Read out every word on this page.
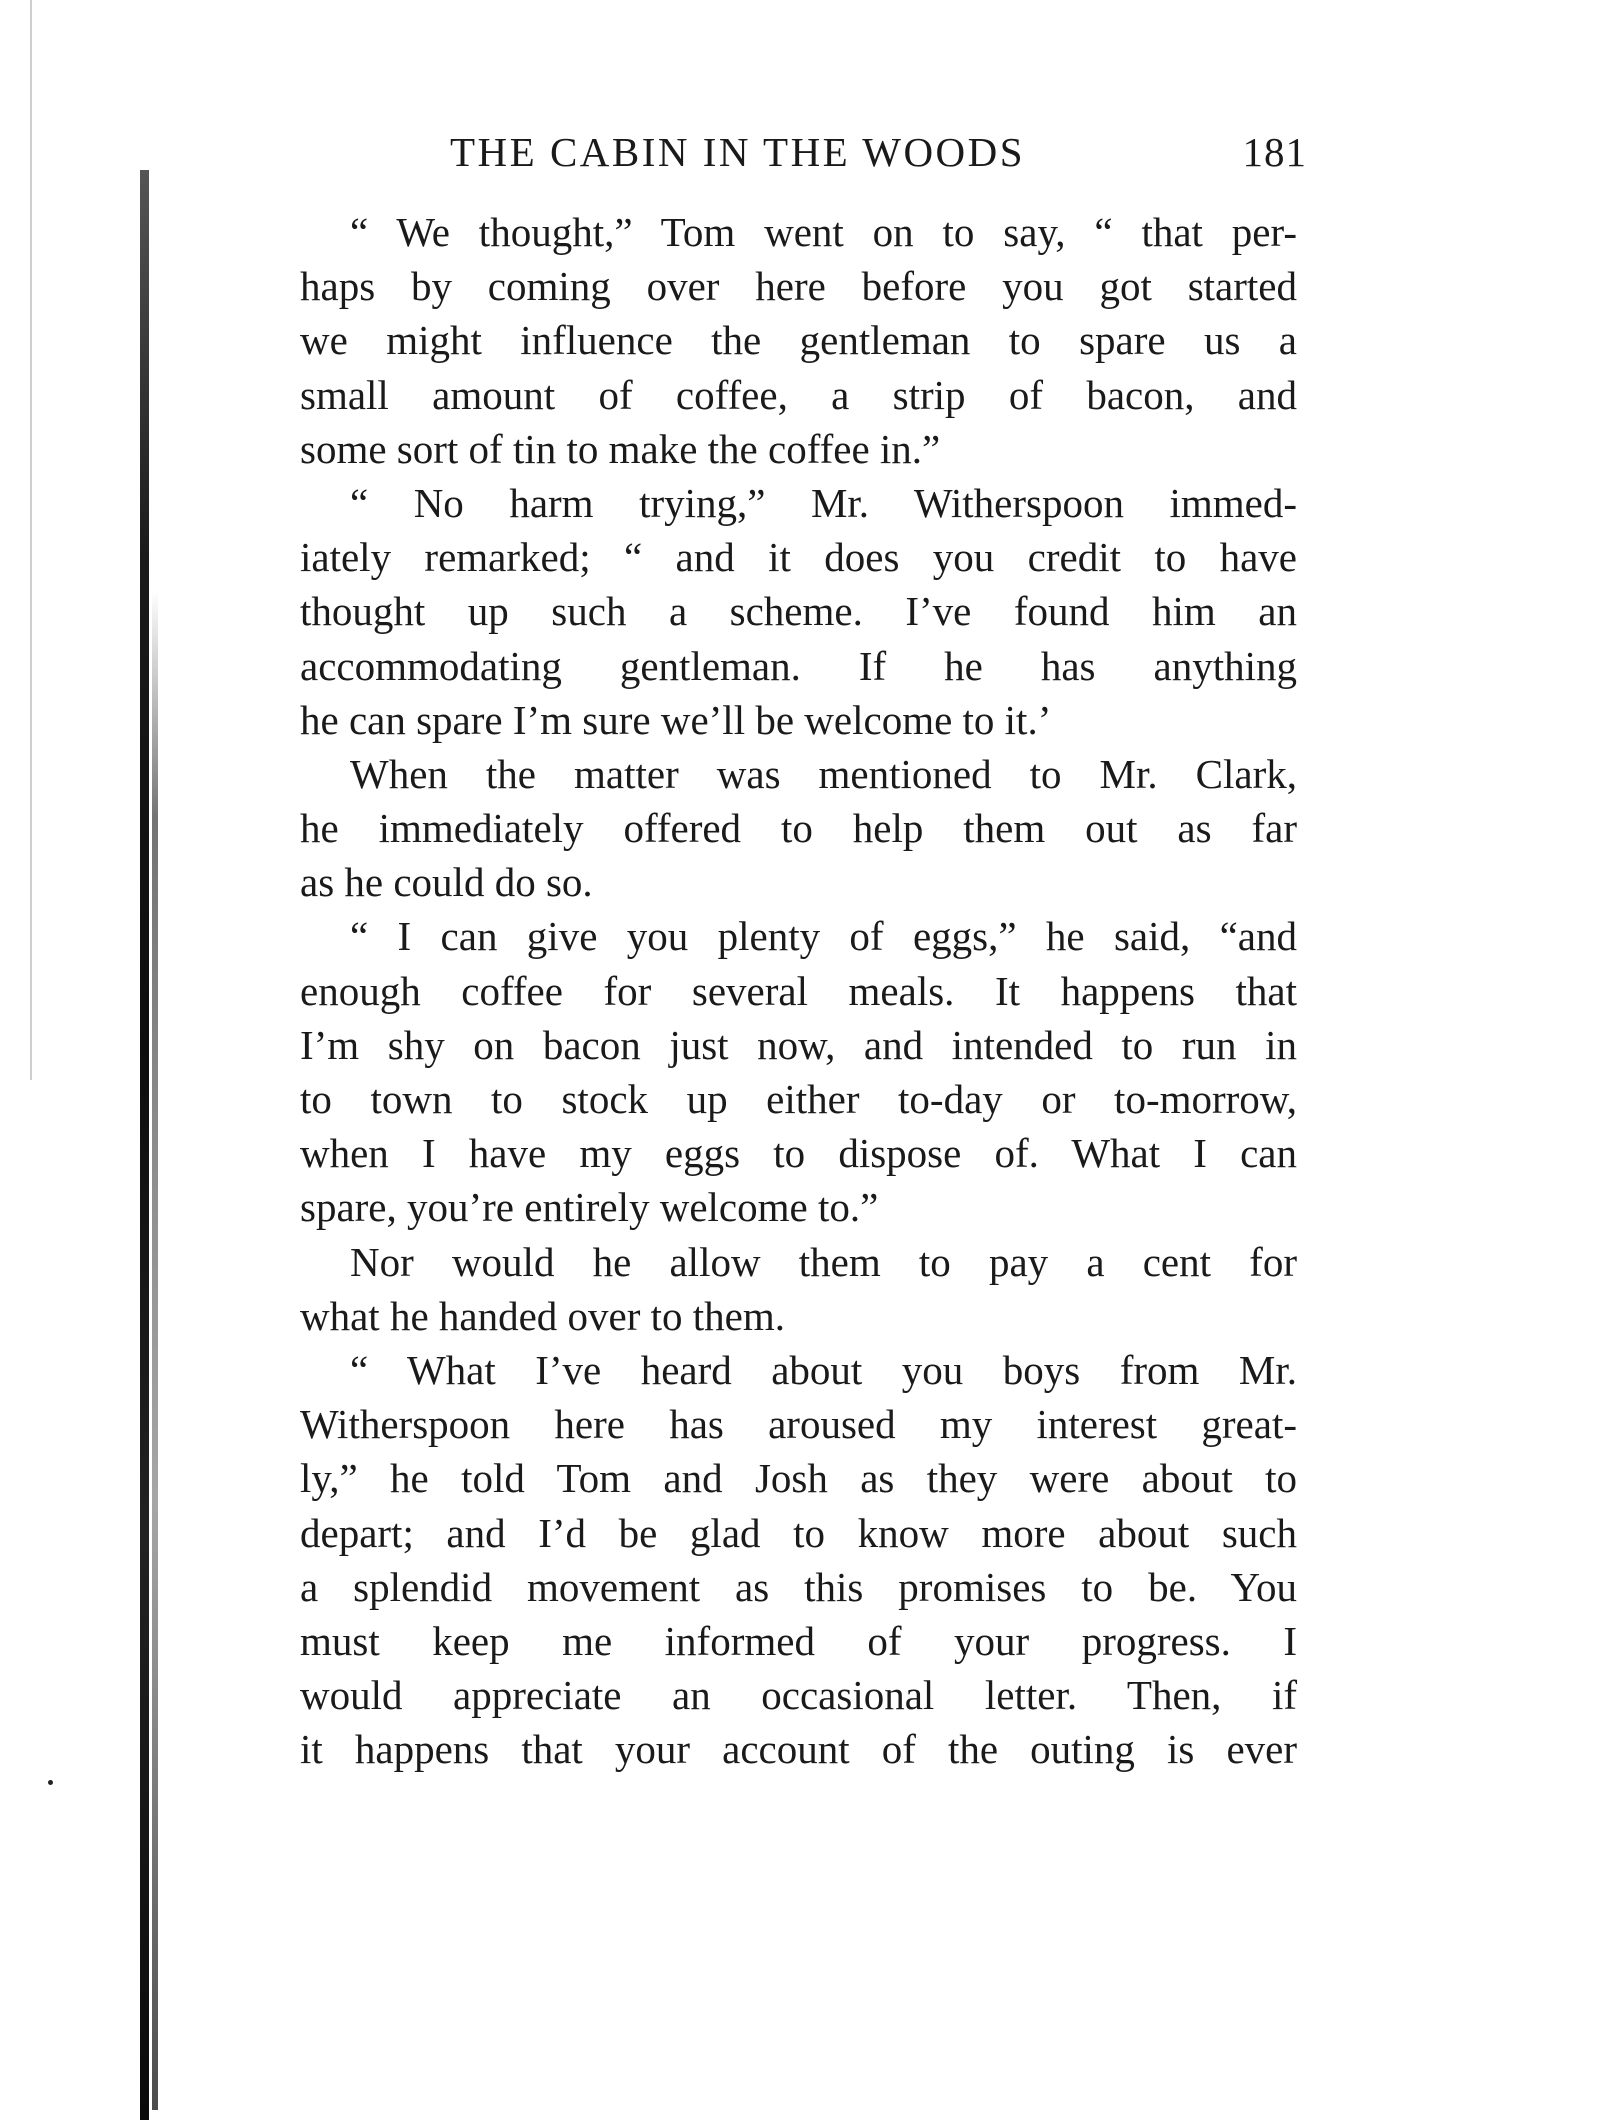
THE CABIN IN THE WOODS	181
“ We thought,” Tom went on to say, “ that per-
haps by coming over here before you got started
we might influence the gentleman to spare us a
small amount of coffee, a strip of bacon, and
some sort of tin to make the coffee in.”
“ No harm trying,” Mr. Witherspoon immed-
iately remarked; “ and it does you credit to have
thought up such a scheme. I’ve found him an
accommodating gentleman. If he has anything
he can spare I’m sure we’ll be welcome to it.’
When the matter was mentioned to Mr. Clark,
he immediately offered to help them out as far
as he could do so.
“ I can give you plenty of eggs,” he said, “and
enough coffee for several meals. It happens that
I’m shy on bacon just now, and intended to run in
to town to stock up either to-day or to-morrow,
when I have my eggs to dispose of. What I can
spare, you’re entirely welcome to.”
Nor would he allow them to pay a cent for
what he handed over to them.
“ What I’ve heard about you boys from Mr.
Witherspoon here has aroused my interest great-
ly,” he told Tom and Josh as they were about to
depart; and I’d be glad to know more about such
a splendid movement as this promises to be. You
must keep me informed of your progress. I
would appreciate an occasional letter. Then, if
it happens that your account of the outing is ever
